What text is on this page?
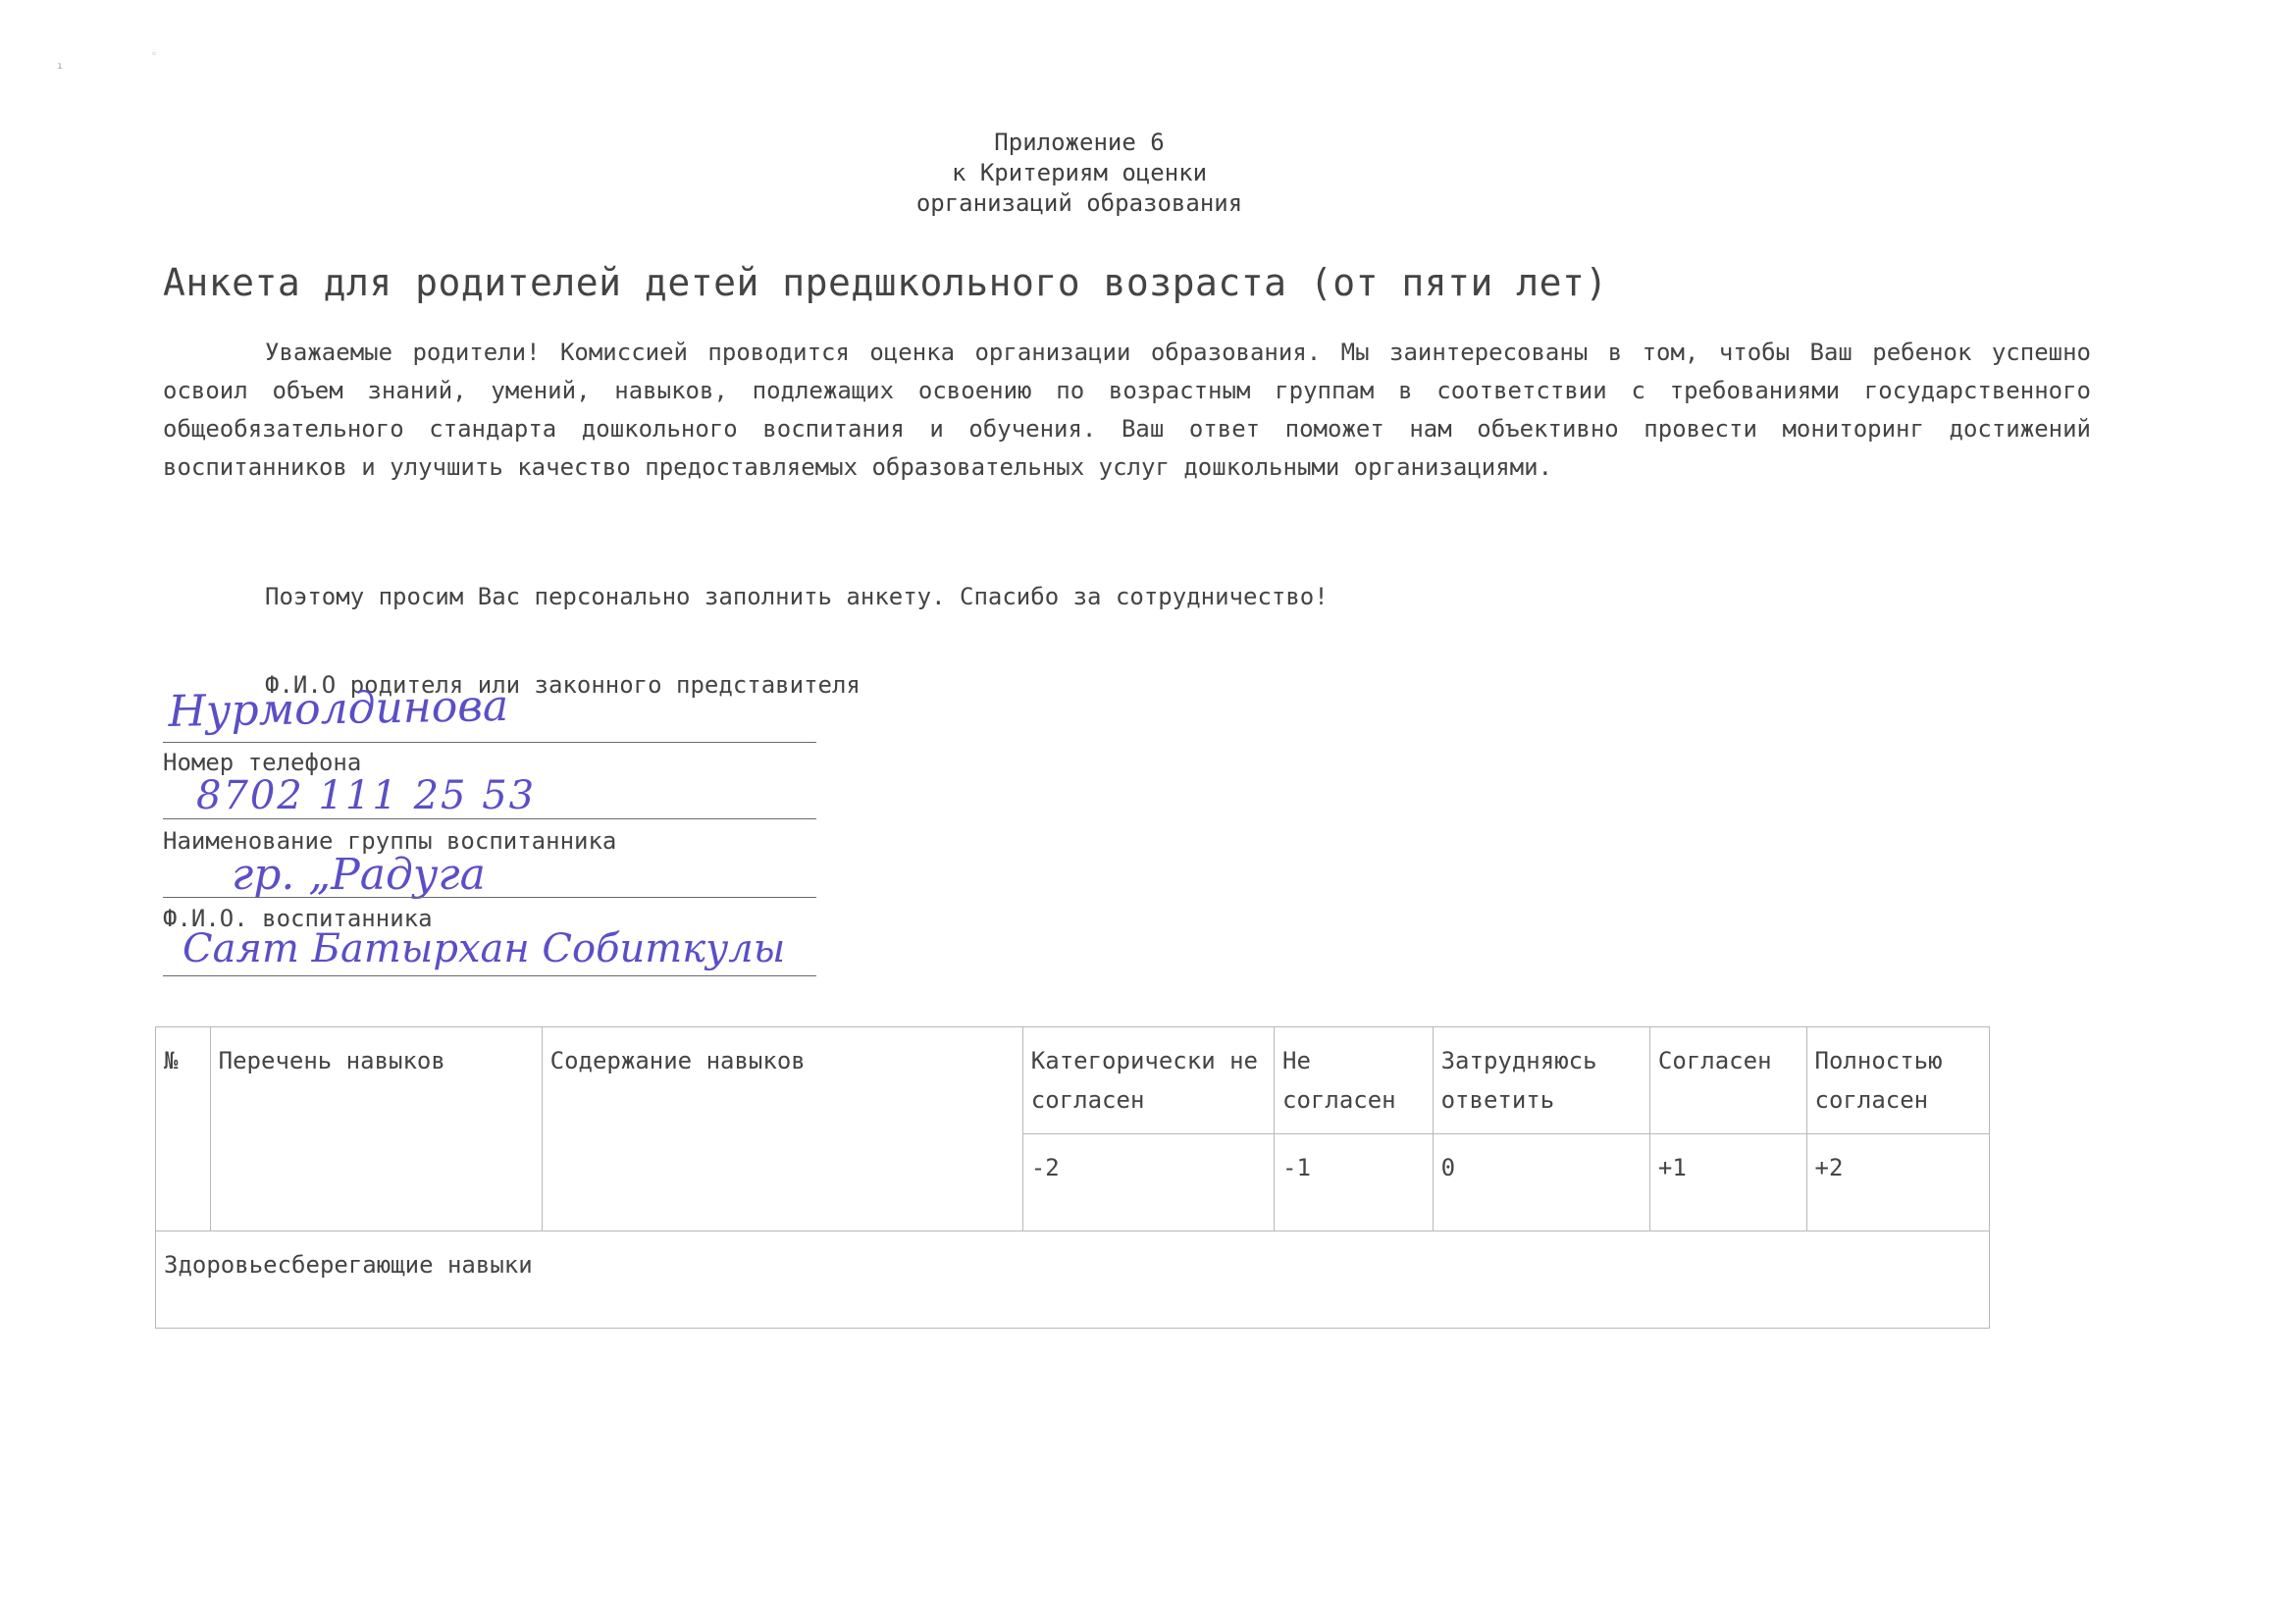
ı
◦
Приложение 6
к Критериям оценки
организаций образования
Анкета для родителей детей предшкольного возраста (от пяти лет)

Уважаемые родители! Комиссией проводится оценка организации образования. Мы заинтересованы в том, чтобы Ваш ребенок успешно освоил объем знаний, умений, навыков, подлежащих освоению по возрастным группам в соответствии с требованиями государственного общеобязательного стандарта дошкольного воспитания и обучения. Ваш ответ поможет нам объективно провести мониторинг достижений воспитанников и улучшить качество предоставляемых образовательных услуг дошкольными организациями.

Поэтому просим Вас персонально заполнить анкету. Спасибо за сотрудничество!
Ф.И.О родителя или законного представителя
Нурмолдинова
Номер телефона
8702 111 25 53
Наименование группы воспитанника
гр. „Радуга
Ф.И.О. воспитанника
Саят Батырхан Собиткулы
№	Перечень навыков	Содержание навыков	Категорически не согласен	Не согласен	Затрудняюсь ответить	Согласен	Полностью согласен
			-2	-1	0	+1	+2
Здоровьесберегающие навыки							
